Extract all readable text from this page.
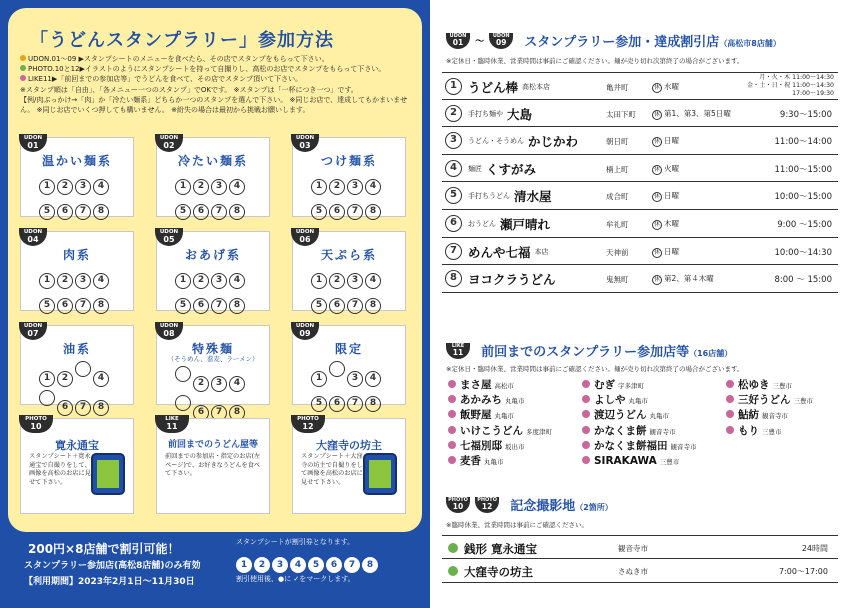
「うどんスタンプラリー」参加方法
UDON.01〜09 ▶スタンプシートのメニューを食べたら、その店でスタンプをもらって下さい。
PHOTO.10と12▶イラストのようにスタンプシートを持って自撮りし、高松のお店でスタンプをもらって下さい。
LIKE11▶「前回までの参加店等」でうどんを食べて、その店でスタンプ頂いて下さい。
※スタンプ順は「自由」、「各メニュー一つのスタンプ」でOKです。 ※スタンプは「一杯につき一つ」です。
【例/肉ぶっかけ→「肉」か「冷たい麺系」どちらか一つのスタンプを選んで下さい。 ※同じお店で、達成してもかまいません。 ※同じお店でいくつ押しても構いません。 ※紛失の場合は最初から挑戦お願いします。
UDON
01
温かい麺系
1 2 3 45 6 7 8
UDON
02
冷たい麺系
1 2 3 45 6 7 8
UDON
03
つけ麺系
1 2 3 45 6 7 8
UDON
04
肉系
1 2 3 45 6 7 8
UDON
05
おあげ系
1 2 3 45 6 7 8
UDON
06
天ぷら系
1 2 3 45 6 7 8
UDON
07
油系
1 2	46 7 8
UDON
08
特殊麺
（そうめん、蕎麦、ラーメン）
2 3 46 7 8
UDON
09
限定
1	3 45 6 7 8
PHOTO
10
寛永通宝
スタンプシート＋寛永通宝で自撮りをして、画像を高松のお店に見せて下さい。
LIKE
11
前回までのうどん屋等
前回までの参加店・指定のお店(左ページ)で、お好きなうどんを食べて下さい。
PHOTO
12
大窪寺の坊主
スタンプシート＋大窪寺の坊主で自撮りをして画像を高松のお店に見せて下さい。
200円×8店舗で割引可能！
スタンプラリー参加店(高松8店舗)のみ有効
【利用期間】2023年2月1日〜11月30日
スタンプシートが割引券となります。
1 2 3 4 5 6 7 8
割引使用後、●に ✓をマークします。
UDON
01	〜
UDON
09	スタンプラリー参加・達成割引店（高松市8店舗）
※定休日・臨時休業、営業時間は事前にご確認ください。麺が売り切れ次第終了の場合がございます。
1 うどん棒 高松本店	亀井町	休 水曜
月・火・木 11:00〜14:30
金・土・日・祝 11:00〜14:30
17:00〜19:30
2	手打ち麺や 大島	太田下町	休 第1、第3、第5日曜	9:30〜15:00
3	うどん・そうめん かじかわ	朝日町	休 日曜	11:00〜14:00
4	麺匠 くすがみ	楠上町	休 火曜	11:00〜15:00
5	手打ちうどん 清水屋	成合町	休 日曜	10:00〜15:00
6	おうどん 瀬戸晴れ	牟礼町	休 木曜	9:00 〜15:00
7 めんや七福 本店	天神前	休 日曜	10:00〜14:30
8 ヨコクラうどん	鬼無町	休 第2、第４木曜	8:00 〜 15:00
LIKE
11	前回までのスタンプラリー参加店等（16店舗）
※定休日・臨時休業、営業時間は事前にご確認ください。麺が売り切れ次第終了の場合がございます。
まさ屋 高松市
あかみち 丸亀市
飯野屋 丸亀市
いけこうどん 多度津町
七福別邸 坂出市
麦香 丸亀市
むぎ 宇多津町
よしや 丸亀市
渡辺うどん 丸亀市
かなくま餅 観音寺市
かなくま餅福田 観音寺市
SIRAKAWA 三豊市
松ゆき 三豊市
三好うどん 三豊市
鮎紡 観音寺市
もり 三豊市
PHOTO
10

PHOTO
12	記念撮影地（2箇所）
※臨時休業、営業時間は事前にご確認ください。
銭形 寛永通宝	観音寺市	24時間
大窪寺の坊主	さぬき市	7:00〜17:00
